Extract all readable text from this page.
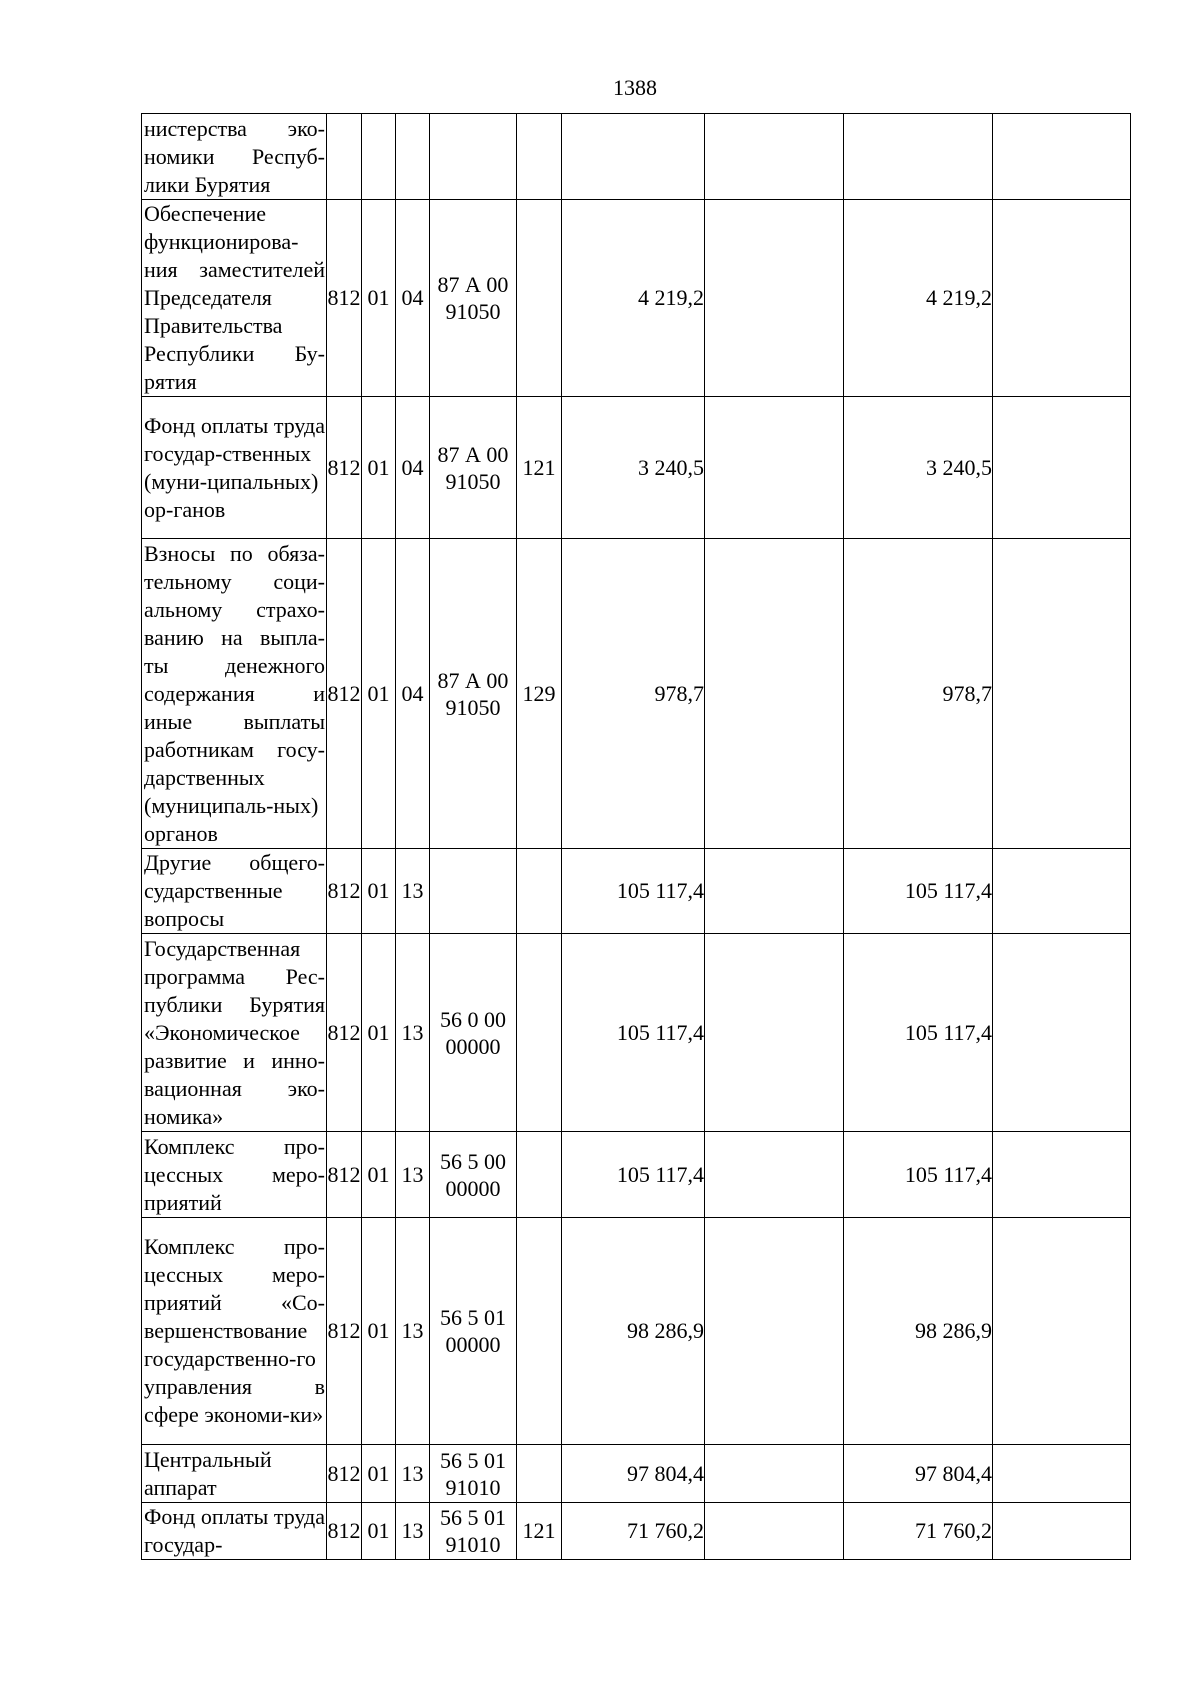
1388
нистерства эко-номики Респуб-лики Бурятия									
Обеспечение функционирова-ния заместителей Председателя Правительства Республики Бу-рятия	812	01	04	87 А 00 91050		4 219,2		4 219,2	
Фонд оплаты труда государ-ственных (муни-ципальных) ор-ганов	812	01	04	87 А 00 91050	121	3 240,5		3 240,5	
Взносы по обяза-тельному соци-альному страхо-ванию на выпла-ты денежного содержания и иные выплаты работникам госу-дарственных (муниципаль-ных) органов	812	01	04	87 А 00 91050	129	978,7		978,7	
Другие общего-сударственные вопросы	812	01	13			105 117,4		105 117,4	
Государственная программа Рес-публики Бурятия «Экономическое развитие и инно-вационная эко-номика»	812	01	13	56 0 00 00000		105 117,4		105 117,4	
Комплекс про-цессных меро-приятий	812	01	13	56 5 00 00000		105 117,4		105 117,4	
Комплекс про-цессных меро-приятий «Со-вершенствование государственно-го управления в сфере экономи-ки»	812	01	13	56 5 01 00000		98 286,9		98 286,9	
Центральный аппарат	812	01	13	56 5 01 91010		97 804,4		97 804,4	
Фонд оплаты труда государ-	812	01	13	56 5 01 91010	121	71 760,2		71 760,2	
